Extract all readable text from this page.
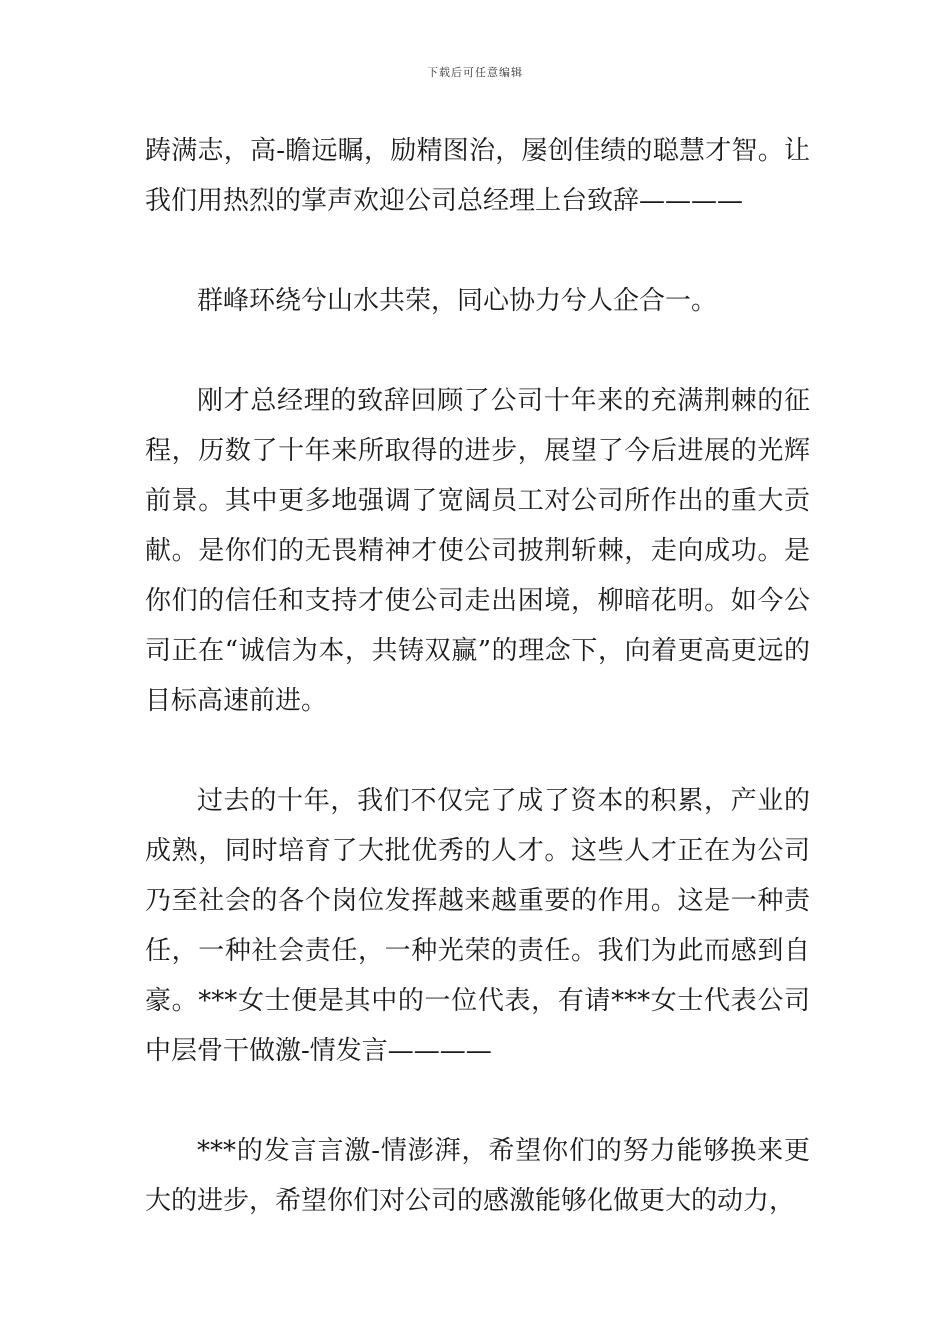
下载后可任意编辑

踌满志，高-瞻远瞩，励精图治，屡创佳绩的聪慧才智。让我们用热烈的掌声欢迎公司总经理上台致辞————

群峰环绕兮山水共荣，同心协力兮人企合一。

刚才总经理的致辞回顾了公司十年来的充满荆棘的征程，历数了十年来所取得的进步，展望了今后进展的光辉前景。其中更多地强调了宽阔员工对公司所作出的重大贡献。是你们的无畏精神才使公司披荆斩棘，走向成功。是你们的信任和支持才使公司走出困境，柳暗花明。如今公司正在“诚信为本，共铸双赢”的理念下，向着更高更远的目标高速前进。

过去的十年，我们不仅完了成了资本的积累，产业的成熟，同时培育了大批优秀的人才。这些人才正在为公司乃至社会的各个岗位发挥越来越重要的作用。这是一种责任，一种社会责任，一种光荣的责任。我们为此而感到自豪。***女士便是其中的一位代表，有请***女士代表公司中层骨干做激-情发言————

***的发言言激-情澎湃，希望你们的努力能够换来更大的进步，希望你们对公司的感激能够化做更大的动力，
